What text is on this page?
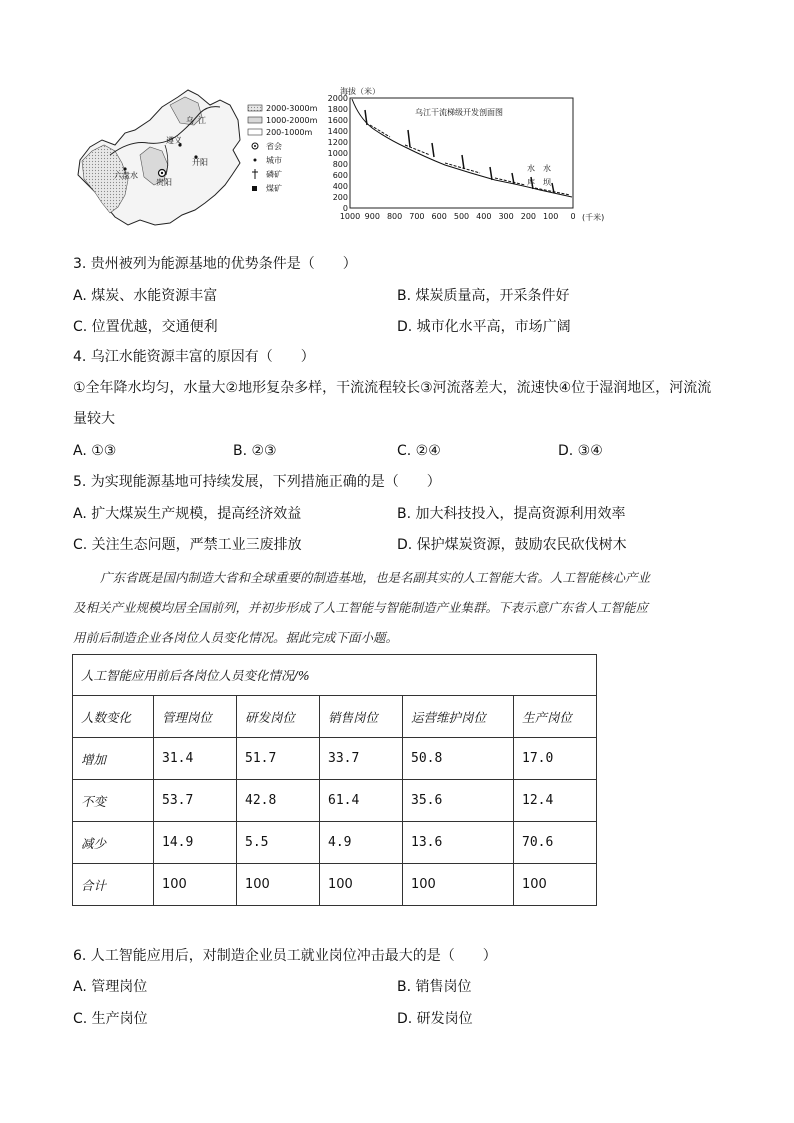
乌 江
遵义
六盘水
贵阳
开阳
2000-3000m
1000-2000m
200-1000m
省会
城市
磷矿
煤矿
海拔（米）
乌江干流梯级开发剖面图
2000
1800
1600
1400
1200
1000
800
600
400
200
0
1000 900 800 700 600 500 400 300 200 100 0
水
库
水
坝
(千米)
3. 贵州被列为能源基地的优势条件是（　　）
A. 煤炭、水能资源丰富	B. 煤炭质量高，开采条件好
C. 位置优越，交通便利	D. 城市化水平高，市场广阔
4. 乌江水能资源丰富的原因有（　　）
①全年降水均匀，水量大②地形复杂多样，干流流程较长③河流落差大，流速快④位于湿润地区，河流流
量较大
A. ①③	B. ②③	C. ②④	D. ③④
5. 为实现能源基地可持续发展，下列措施正确的是（　　）
A. 扩大煤炭生产规模，提高经济效益	B. 加大科技投入，提高资源利用效率
C. 关注生态问题，严禁工业三废排放	D. 保护煤炭资源，鼓励农民砍伐树木
广东省既是国内制造大省和全球重要的制造基地，也是名副其实的人工智能大省。人工智能核心产业
及相关产业规模均居全国前列，并初步形成了人工智能与智能制造产业集群。下表示意广东省人工智能应
用前后制造企业各岗位人员变化情况。据此完成下面小题。
人工智能应用前后各岗位人员变化情况/%					
人数变化	管理岗位	研发岗位	销售岗位	运营维护岗位	生产岗位
增加	31.4	51.7	33.7	50.8	17.0
不变	53.7	42.8	61.4	35.6	12.4
减少	14.9	5.5	4.9	13.6	70.6
合计	100	100	100	100	100
6. 人工智能应用后，对制造企业员工就业岗位冲击最大的是（　　）
A. 管理岗位	B. 销售岗位
C. 生产岗位	D. 研发岗位
